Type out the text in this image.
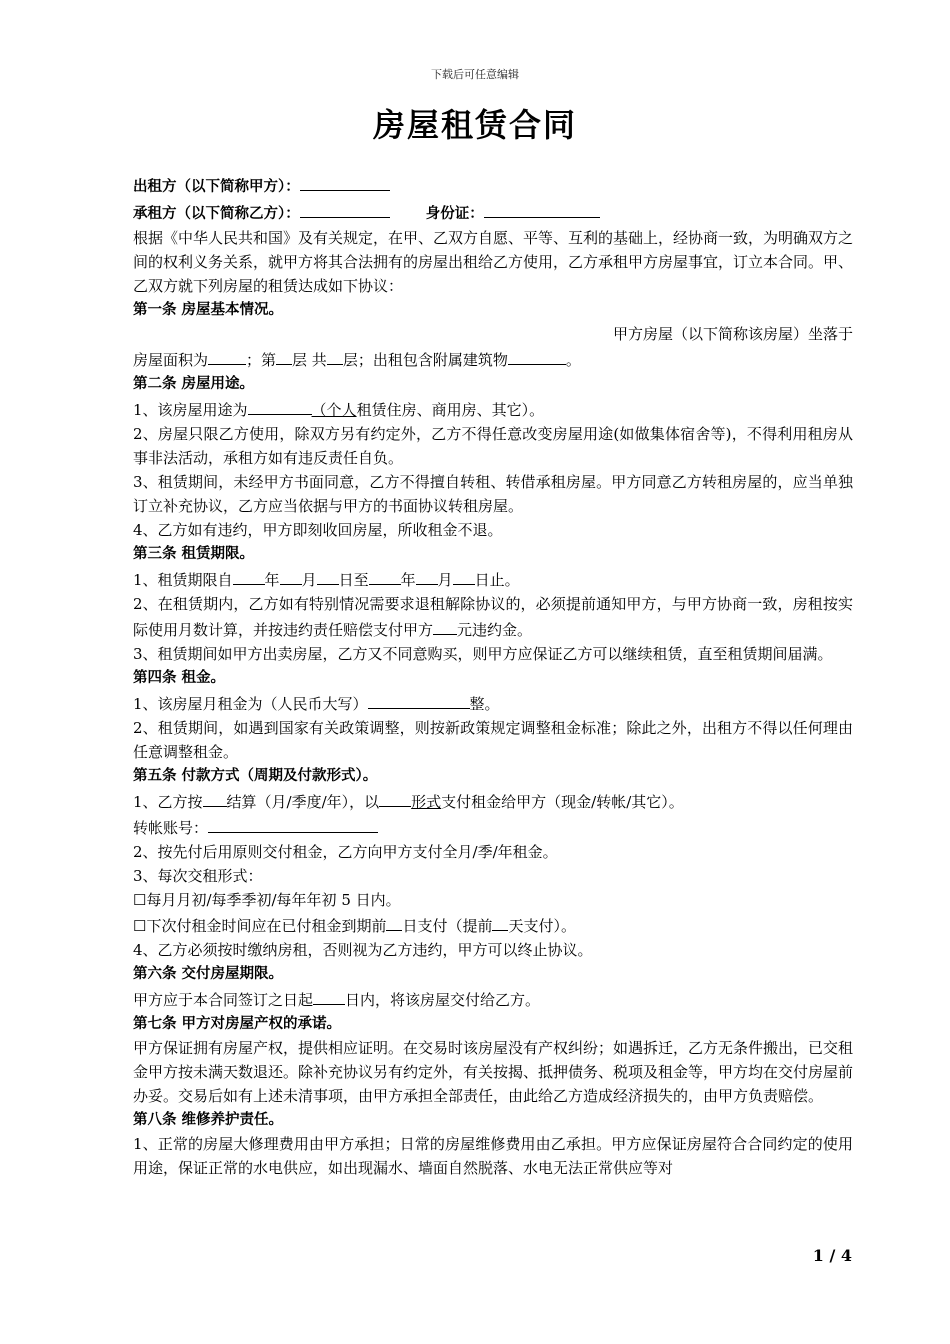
下载后可任意编辑
房屋租赁合同

出租方（以下简称甲方）：

承租方（以下简称乙方）：	身份证：

根据《中华人民共和国》及有关规定，在甲、乙双方自愿、平等、互利的基础上，经协商一致，为明确双方之间的权利义务关系，就甲方将其合法拥有的房屋出租给乙方使用，乙方承租甲方房屋事宜，订立本合同。甲、乙双方就下列房屋的租赁达成如下协议：

第一条 房屋基本情况。

甲方房屋（以下简称该房屋）坐落于

房屋面积为	；第 层 共 层；出租包含附属建筑物	。

第二条 房屋用途。

1、该房屋用途为	（个人租赁住房、商用房、其它）。

2、房屋只限乙方使用，除双方另有约定外，乙方不得任意改变房屋用途(如做集体宿舍等)，不得利用租房从事非法活动，承租方如有违反责任自负。

3、租赁期间，未经甲方书面同意，乙方不得擅自转租、转借承租房屋。甲方同意乙方转租房屋的，应当单独订立补充协议，乙方应当依据与甲方的书面协议转租房屋。

4、乙方如有违约，甲方即刻收回房屋，所收租金不退。

第三条 租赁期限。

1、租赁期限自 年 月 日至 年 月 日止。

2、在租赁期内，乙方如有特别情况需要求退租解除协议的，必须提前通知甲方，与甲方协商一致，房租按实际使用月数计算，并按违约责任赔偿支付甲方 元违约金。

3、租赁期间如甲方出卖房屋，乙方又不同意购买，则甲方应保证乙方可以继续租赁，直至租赁期间届满。

第四条 租金。

1、该房屋月租金为（人民币大写）	整。

2、租赁期间，如遇到国家有关政策调整，则按新政策规定调整租金标准；除此之外，出租方不得以任何理由任意调整租金。

第五条 付款方式（周期及付款形式）。

1、乙方按 结算（月/季度/年），以 形式支付租金给甲方（现金/转帐/其它）。

转帐账号：

2、按先付后用原则交付租金，乙方向甲方支付全月/季/年租金。

3、每次交租形式：

☐每月月初/每季季初/每年年初 5 日内。

☐下次付租金时间应在已付租金到期前 日支付（提前 天支付）。

4、乙方必须按时缴纳房租，否则视为乙方违约，甲方可以终止协议。

第六条 交付房屋期限。

甲方应于本合同签订之日起 日内，将该房屋交付给乙方。

第七条 甲方对房屋产权的承诺。

甲方保证拥有房屋产权，提供相应证明。在交易时该房屋没有产权纠纷；如遇拆迁，乙方无条件搬出，已交租金甲方按未满天数退还。除补充协议另有约定外，有关按揭、抵押债务、税项及租金等，甲方均在交付房屋前办妥。交易后如有上述未清事项，由甲方承担全部责任，由此给乙方造成经济损失的，由甲方负责赔偿。

第八条 维修养护责任。

1、正常的房屋大修理费用由甲方承担；日常的房屋维修费用由乙承担。甲方应保证房屋符合合同约定的使用用途，保证正常的水电供应，如出现漏水、墙面自然脱落、水电无法正常供应等对

1 / 4
